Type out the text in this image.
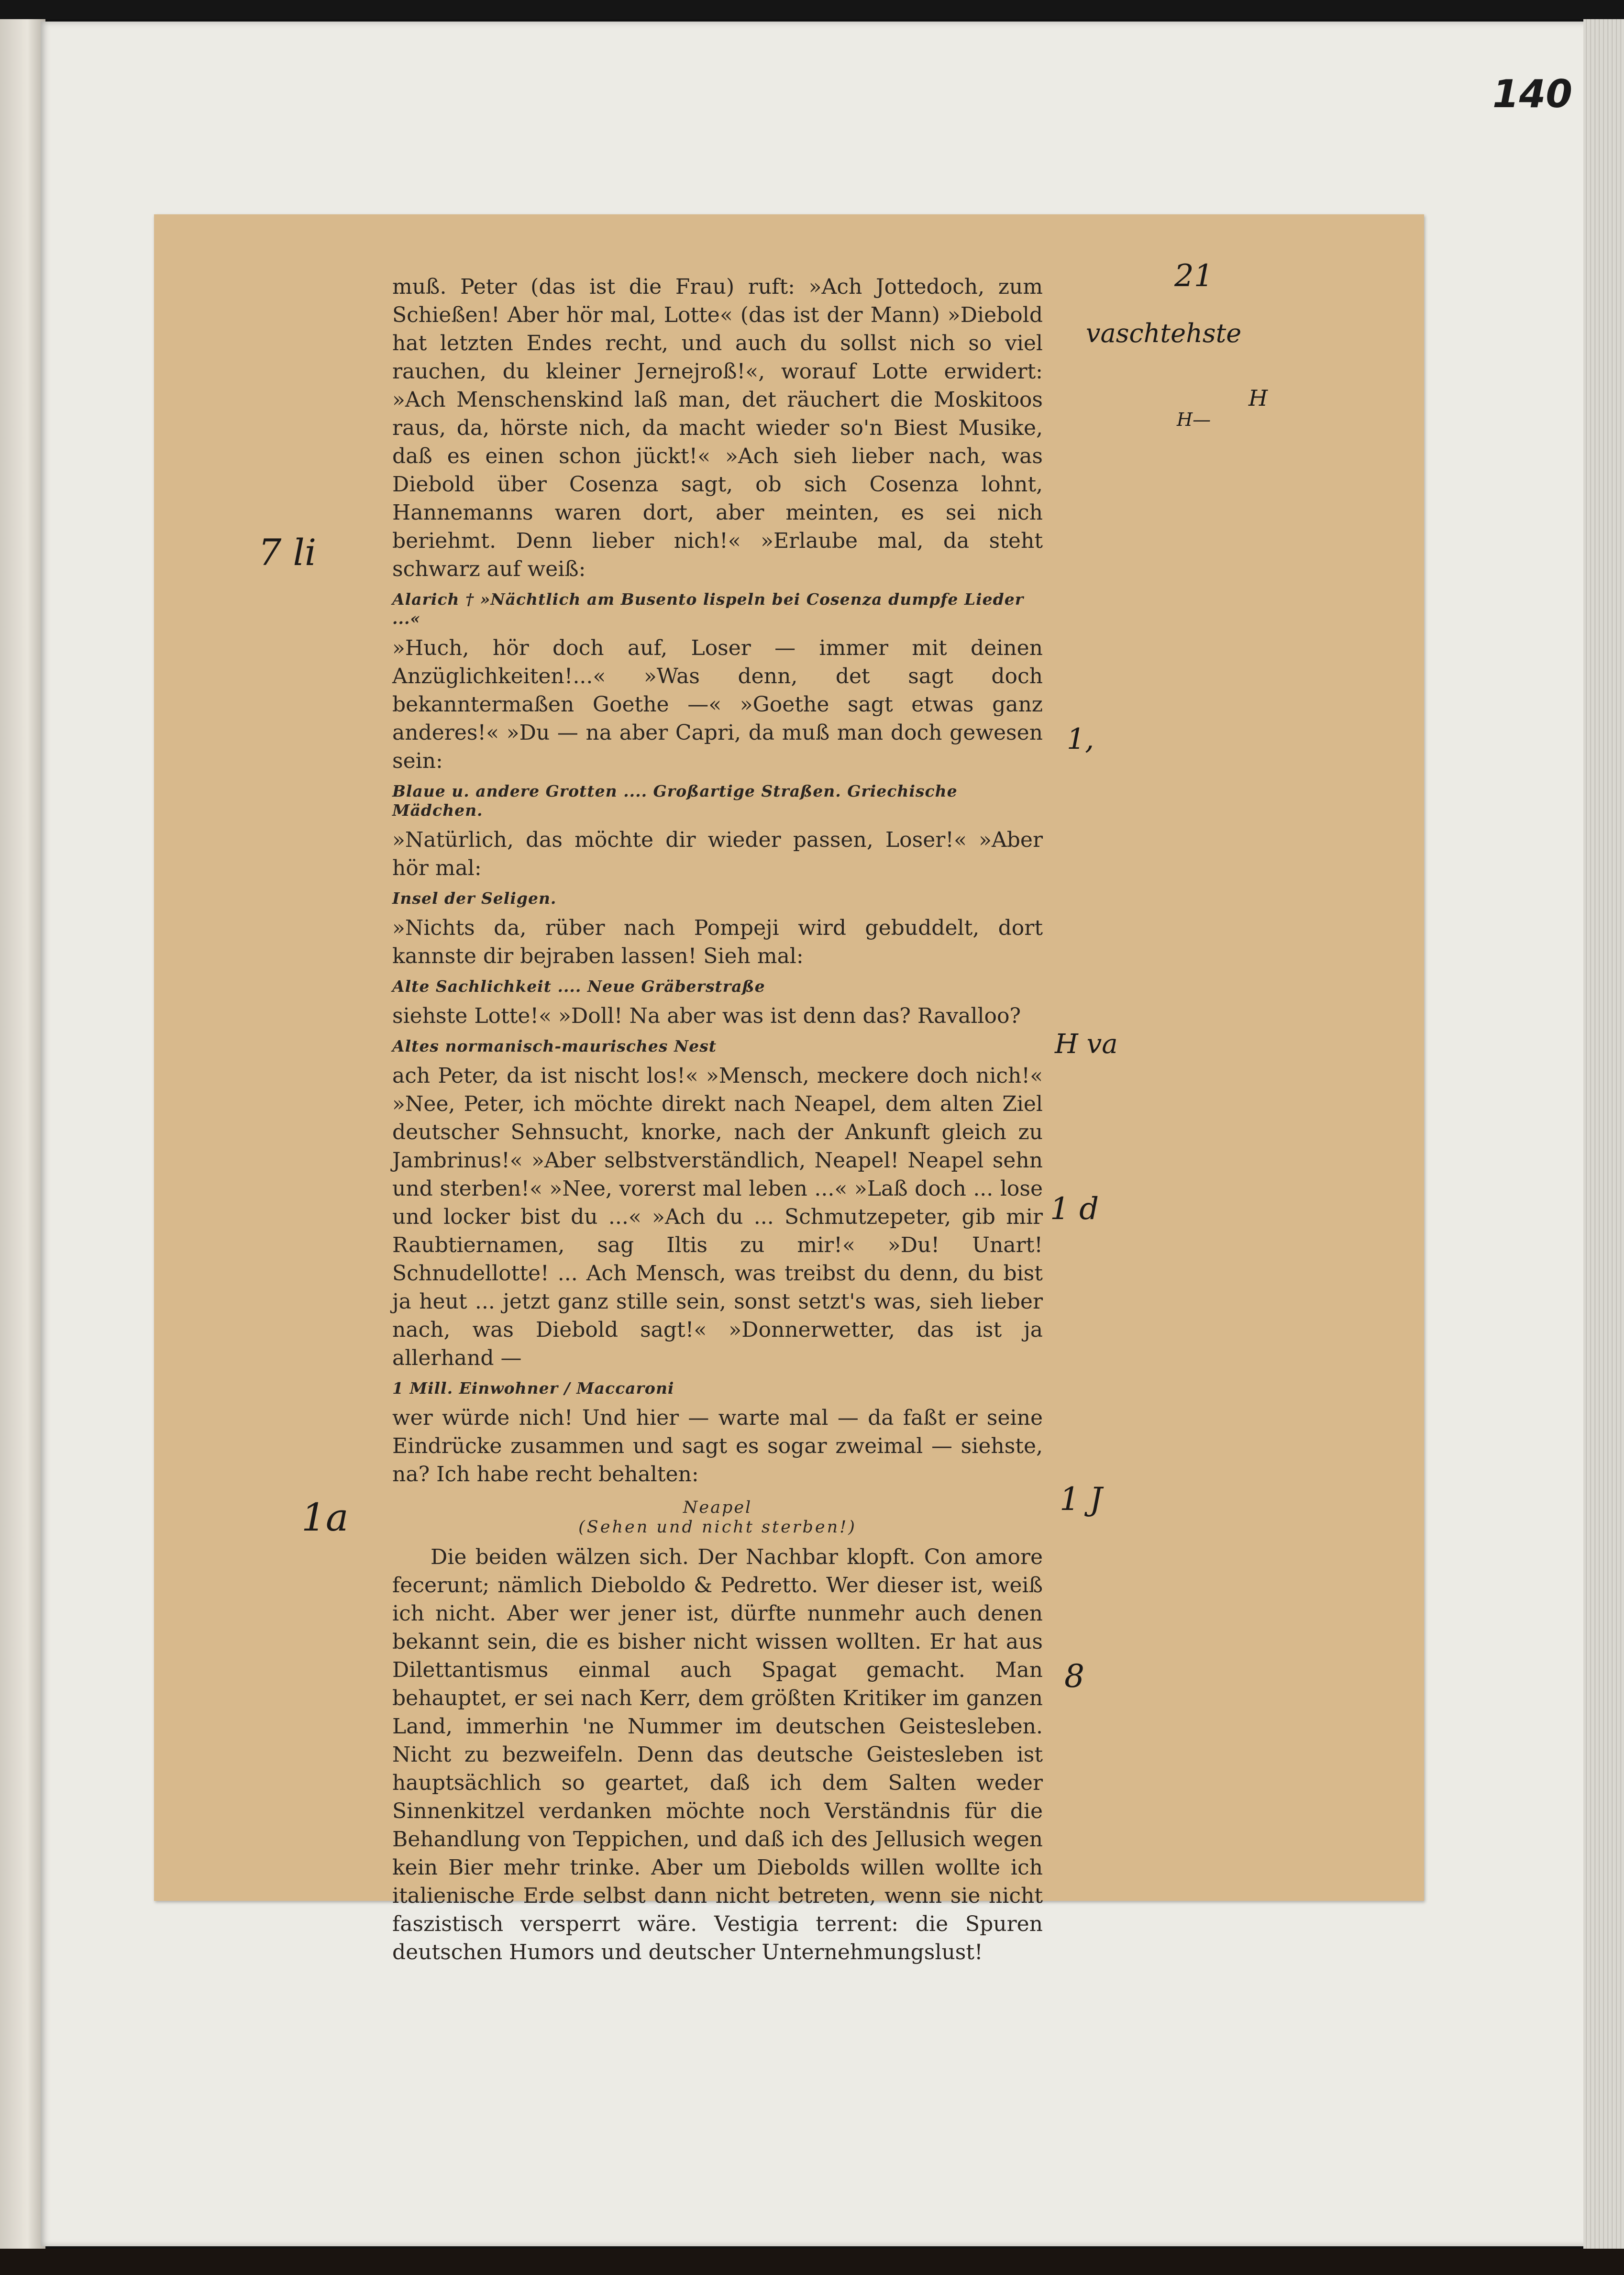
140

muß. Peter (das ist die Frau) ruft: »Ach Jottedoch, zum Schießen! Aber hör mal, Lotte« (das ist der Mann) »Diebold hat letzten Endes recht, und auch du sollst nich so viel rauchen, du kleiner Jernejroß!«, worauf Lotte erwidert: »Ach Menschenskind laß man, det räuchert die Moskitoos raus, da, hörste nich, da macht wieder so'n Biest Musike, daß es einen schon jückt!« »Ach sieh lieber nach, was Diebold über Cosenza sagt, ob sich Cosenza lohnt, Hannemanns waren dort, aber meinten, es sei nich beriehmt. Denn lieber nich!« »Erlaube mal, da steht schwarz auf weiß:

Alarich † »Nächtlich am Busento lispeln bei Cosenza dumpfe Lieder ...«

»Huch, hör doch auf, Loser — immer mit deinen Anzüglichkeiten!...« »Was denn, det sagt doch bekanntermaßen Goethe —« »Goethe sagt etwas ganz anderes!« »Du — na aber Capri, da muß man doch gewesen sein:

Blaue u. andere Grotten .... Großartige Straßen. Griechische Mädchen.

»Natürlich, das möchte dir wieder passen, Loser!« »Aber hör mal:

Insel der Seligen.

»Nichts da, rüber nach Pompeji wird gebuddelt, dort kannste dir bejraben lassen! Sieh mal:

Alte Sachlichkeit .... Neue Gräberstraße

siehste Lotte!« »Doll! Na aber was ist denn das? Ravalloo?

Altes normanisch-maurisches Nest

ach Peter, da ist nischt los!« »Mensch, meckere doch nich!« »Nee, Peter, ich möchte direkt nach Neapel, dem alten Ziel deutscher Sehnsucht, knorke, nach der Ankunft gleich zu Jambrinus!« »Aber selbstverständlich, Neapel! Neapel sehn und sterben!« »Nee, vorerst mal leben ...« »Laß doch ... lose und locker bist du ...« »Ach du ... Schmutzepeter, gib mir Raubtiernamen, sag Iltis zu mir!« »Du! Unart! Schnudellotte! ... Ach Mensch, was treibst du denn, du bist ja heut ... jetzt ganz stille sein, sonst setzt's was, sieh lieber nach, was Diebold sagt!« »Donnerwetter, das ist ja allerhand —

1 Mill. Einwohner / Maccaroni

wer würde nich! Und hier — warte mal — da faßt er seine Eindrücke zusammen und sagt es sogar zweimal — siehste, na? Ich habe recht behalten:

Neapel
(Sehen und nicht sterben!)

Die beiden wälzen sich. Der Nachbar klopft. Con amore fecerunt; nämlich Dieboldo & Pedretto. Wer dieser ist, weiß ich nicht. Aber wer jener ist, dürfte nunmehr auch denen bekannt sein, die es bisher nicht wissen wollten. Er hat aus Dilettantismus einmal auch Spagat gemacht. Man behauptet, er sei nach Kerr, dem größten Kritiker im ganzen Land, immerhin 'ne Nummer im deutschen Geistesleben. Nicht zu bezweifeln. Denn das deutsche Geistesleben ist hauptsächlich so geartet, daß ich dem Salten weder Sinnenkitzel verdanken möchte noch Verständnis für die Behandlung von Teppichen, und daß ich des Jellusich wegen kein Bier mehr trinke. Aber um Diebolds willen wollte ich italienische Erde selbst dann nicht betreten, wenn sie nicht faszistisch versperrt wäre. Vestigia terrent: die Spuren deutschen Humors und deutscher Unternehmungslust!

21
vaschtehste
H
H—
7 li
1,
H va
1 d
1a	1 J
8
